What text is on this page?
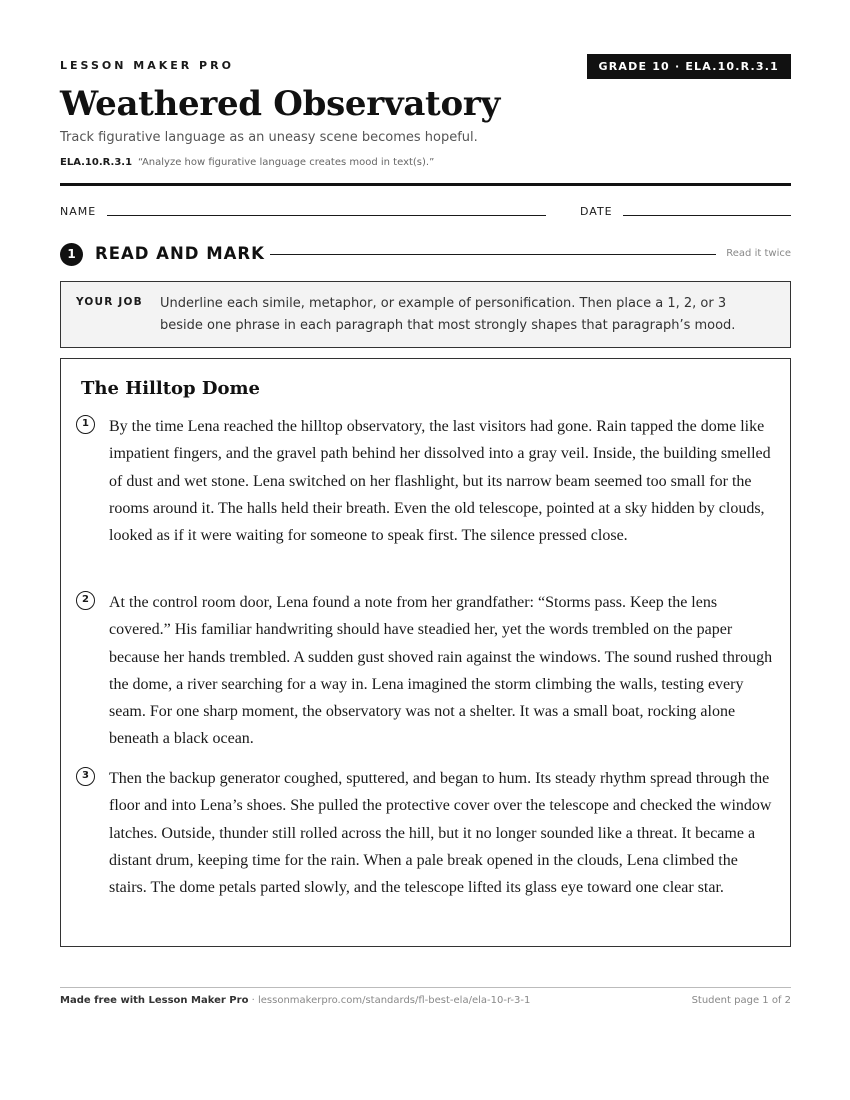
LESSON MAKER PRO	GRADE 10 · ELA.10.R.3.1
Weathered Observatory
Track figurative language as an uneasy scene becomes hopeful.
ELA.10.R.3.1 “Analyze how figurative language creates mood in text(s).”
NAME	DATE
1	READ AND MARK	Read it twice
YOUR JOB Underline each simile, metaphor, or example of personification. Then place a 1, 2, or 3 beside one phrase in each paragraph that most strongly shapes that paragraph’s mood.
The Hilltop Dome
1	By the time Lena reached the hilltop observatory, the last visitors had gone. Rain tapped the dome like impatient fingers, and the gravel path behind her dissolved into a gray veil. Inside, the building smelled of dust and wet stone. Lena switched on her flashlight, but its narrow beam seemed too small for the rooms around it. The halls held their breath. Even the old telescope, pointed at a sky hidden by clouds, looked as if it were waiting for someone to speak first. The silence pressed close.

2	At the control room door, Lena found a note from her grandfather: “Storms pass. Keep the lens covered.” His familiar handwriting should have steadied her, yet the words trembled on the paper because her hands trembled. A sudden gust shoved rain against the windows. The sound rushed through the dome, a river searching for a way in. Lena imagined the storm climbing the walls, testing every seam. For one sharp moment, the observatory was not a shelter. It was a small boat, rocking alone beneath a black ocean.

3	Then the backup generator coughed, sputtered, and began to hum. Its steady rhythm spread through the floor and into Lena’s shoes. She pulled the protective cover over the telescope and checked the window latches. Outside, thunder still rolled across the hill, but it no longer sounded like a threat. It became a distant drum, keeping time for the rain. When a pale break opened in the clouds, Lena climbed the stairs. The dome petals parted slowly, and the telescope lifted its glass eye toward one clear star.

Made free with Lesson Maker Pro · lessonmakerpro.com/standards/fl-best-ela/ela-10-r-3-1	Student page 1 of 2
